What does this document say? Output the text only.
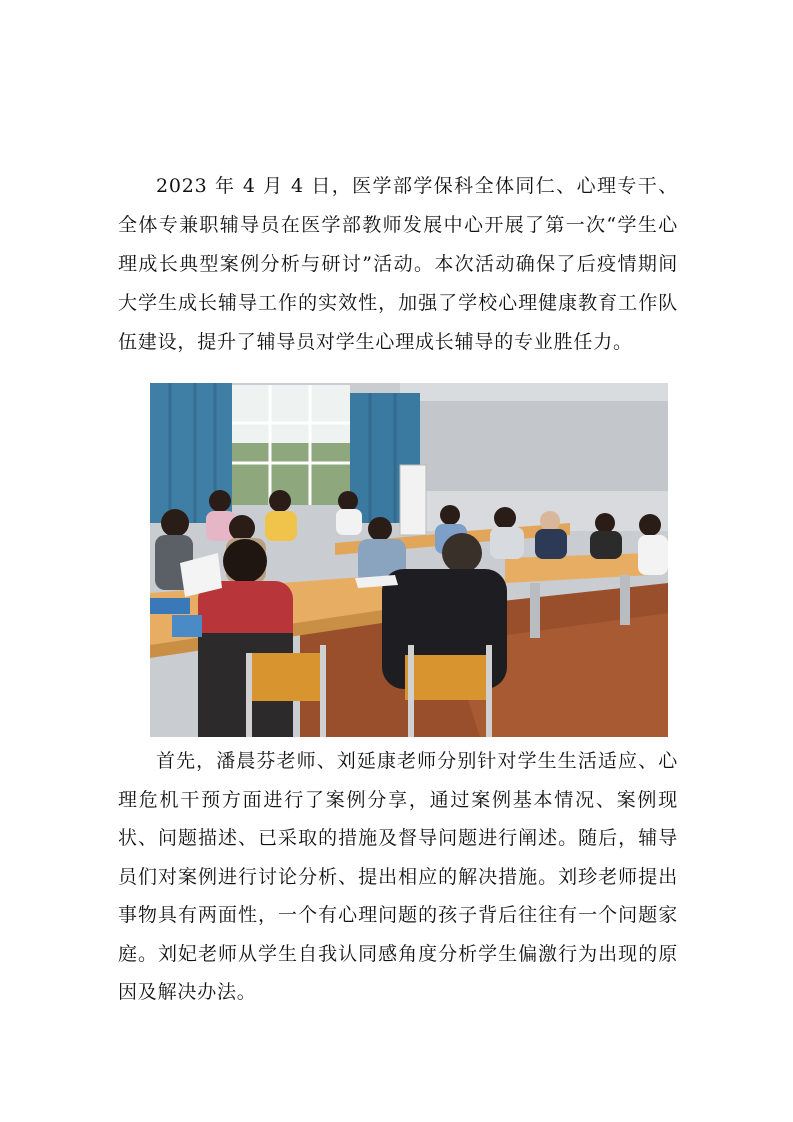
2023 年 4 月 4 日，医学部学保科全体同仁、心理专干、全体专兼职辅导员在医学部教师发展中心开展了第一次“学生心理成长典型案例分析与研讨”活动。本次活动确保了后疫情期间大学生成长辅导工作的实效性，加强了学校心理健康教育工作队伍建设，提升了辅导员对学生心理成长辅导的专业胜任力。

首先，潘晨芬老师、刘延康老师分别针对学生生活适应、心理危机干预方面进行了案例分享，通过案例基本情况、案例现状、问题描述、已采取的措施及督导问题进行阐述。随后，辅导员们对案例进行讨论分析、提出相应的解决措施。刘珍老师提出事物具有两面性，一个有心理问题的孩子背后往往有一个问题家庭。刘妃老师从学生自我认同感角度分析学生偏激行为出现的原因及解决办法。
